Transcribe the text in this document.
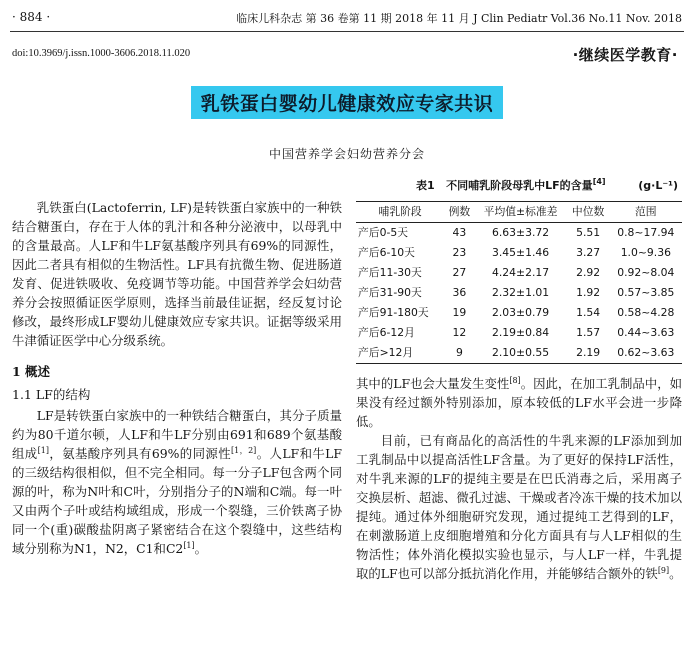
· 884 ·	临床儿科杂志 第 36 卷第 11 期 2018 年 11 月 J Clin Pediatr Vol.36 No.11 Nov. 2018
doi:10.3969/j.issn.1000-3606.2018.11.020	·继续医学教育·
乳铁蛋白婴幼儿健康效应专家共识
中国营养学会妇幼营养分会

乳铁蛋白(Lactoferrin, LF)是转铁蛋白家族中的一种铁结合糖蛋白，存在于人体的乳汁和各种分泌液中，以母乳中的含量最高。人LF和牛LF氨基酸序列具有69%的同源性，因此二者具有相似的生物活性。LF具有抗微生物、促进肠道发育、促进铁吸收、免疫调节等功能。中国营养学会妇幼营养分会按照循证医学原则，选择当前最佳证据，经反复讨论修改，最终形成LF婴幼儿健康效应专家共识。证据等级采用牛津循证医学中心分级系统。

1 概述
1.1 LF的结构

LF是转铁蛋白家族中的一种铁结合糖蛋白，其分子质量约为80千道尔顿，人LF和牛LF分别由691和689个氨基酸组成[1]，氨基酸序列具有69%的同源性[1，2]。人LF和牛LF的三级结构很相似，但不完全相同。每一分子LF包含两个同源的叶，称为N叶和C叶，分别指分子的N端和C端。每一叶又由两个子叶或结构域组成，形成一个裂缝，三价铁离子协同一个(重)碳酸盐阴离子紧密结合在这个裂缝中，这些结构域分别称为N1，N2，C1和C2[1]。

表1 不同哺乳阶段母乳中LF的含量[4]	(g·L⁻¹)
哺乳阶段	例数	平均值±标准差	中位数	范围
产后0-5天	43	6.63±3.72	5.51	0.8~17.94
产后6-10天	23	3.45±1.46	3.27	1.0~9.36
产后11-30天	27	4.24±2.17	2.92	0.92~8.04
产后31-90天	36	2.32±1.01	1.92	0.57~3.85
产后91-180天	19	2.03±0.79	1.54	0.58~4.28
产后6-12月	12	2.19±0.84	1.57	0.44~3.63
产后>12月	9	2.10±0.55	2.19	0.62~3.63

其中的LF也会大量发生变性[8]。因此，在加工乳制品中，如果没有经过额外特别添加，原本较低的LF水平会进一步降低。

目前，已有商品化的高活性的牛乳来源的LF添加到加工乳制品中以提高活性LF含量。为了更好的保持LF活性，对牛乳来源的LF的提纯主要是在巴氏消毒之后，采用离子交换层析、超滤、微孔过滤、干燥或者冷冻干燥的技术加以提纯。通过体外细胞研究发现，通过提纯工艺得到的LF，在刺激肠道上皮细胞增殖和分化方面具有与人LF相似的生物活性；体外消化模拟实验也显示，与人LF一样，牛乳提取的LF也可以部分抵抗消化作用，并能够结合额外的铁[9]。
